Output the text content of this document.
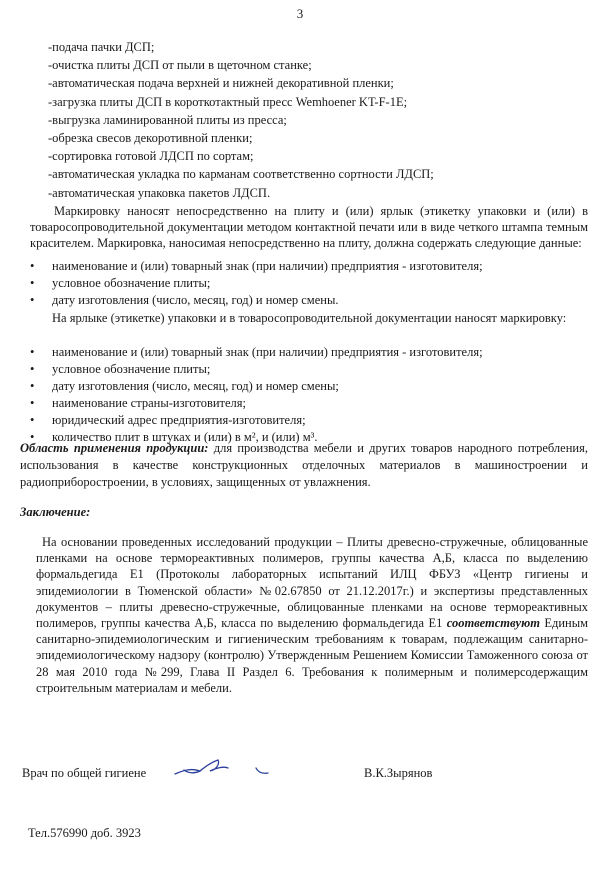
3
-подача пачки ДСП;
-очистка плиты ДСП от пыли в щеточном станке;
-автоматическая подача верхней и нижней декоративной пленки;
-загрузка плиты ДСП в короткотактный пресс Wemhoener KT-F-1E;
-выгрузка ламинированной плиты из пресса;
-обрезка свесов декоротивной пленки;
-сортировка готовой ЛДСП по сортам;
-автоматическая укладка по карманам соответственно сортности ЛДСП;
-автоматическая упаковка пакетов ЛДСП.

Маркировку наносят непосредственно на плиту и (или) ярлык (этикетку упаковки и (или) в товаросопроводительной документации методом контактной печати или в виде четкого штампа темным красителем. Маркировка, наносимая непосредственно на плиту, должна содержать следующие данные:

• наименование и (или) товарный знак (при наличии) предприятия - изготовителя;
• условное обозначение плиты;
• дату изготовления (число, месяц, год) и номер смены.

На ярлыке (этикетке) упаковки и в товаросопроводительной документации наносят маркировку:

• наименование и (или) товарный знак (при наличии) предприятия - изготовителя;
• условное обозначение плиты;
• дату изготовления (число, месяц, год) и номер смены;
• наименование страны-изготовителя;
• юридический адрес предприятия-изготовителя;
• количество плит в штуках и (или) в м², и (или) м³.

Область применения продукции: для производства мебели и других товаров народного потребления, использования в качестве конструкционных отделочных материалов в машиностроении и радиоприборостроении, в условиях, защищенных от увлажнения.

Заключение:

На основании проведенных исследований продукции – Плиты древесно-стружечные, облицованные пленками на основе термореактивных полимеров, группы качества А,Б, класса по выделению формальдегида Е1 (Протоколы лабораторных испытаний ИЛЦ ФБУЗ «Центр гигиены и эпидемиологии в Тюменской области» №02.67850 от 21.12.2017г.) и экспертизы представленных документов – плиты древесно-стружечные, облицованные пленками на основе термореактивных полимеров, группы качества А,Б, класса по выделению формальдегида Е1 соответствуют Единым санитарно-эпидемиологическим и гигиеническим требованиям к товарам, подлежащим санитарно-эпидемиологическому надзору (контролю) Утвержденным Решением Комиссии Таможенного союза от 28 мая 2010 года №299, Глава II Раздел 6. Требования к полимерным и полимерсодержащим строительным материалам и мебели.

Врач по общей гигиене	В.К.Зырянов
Тел.576990 доб. 3923
